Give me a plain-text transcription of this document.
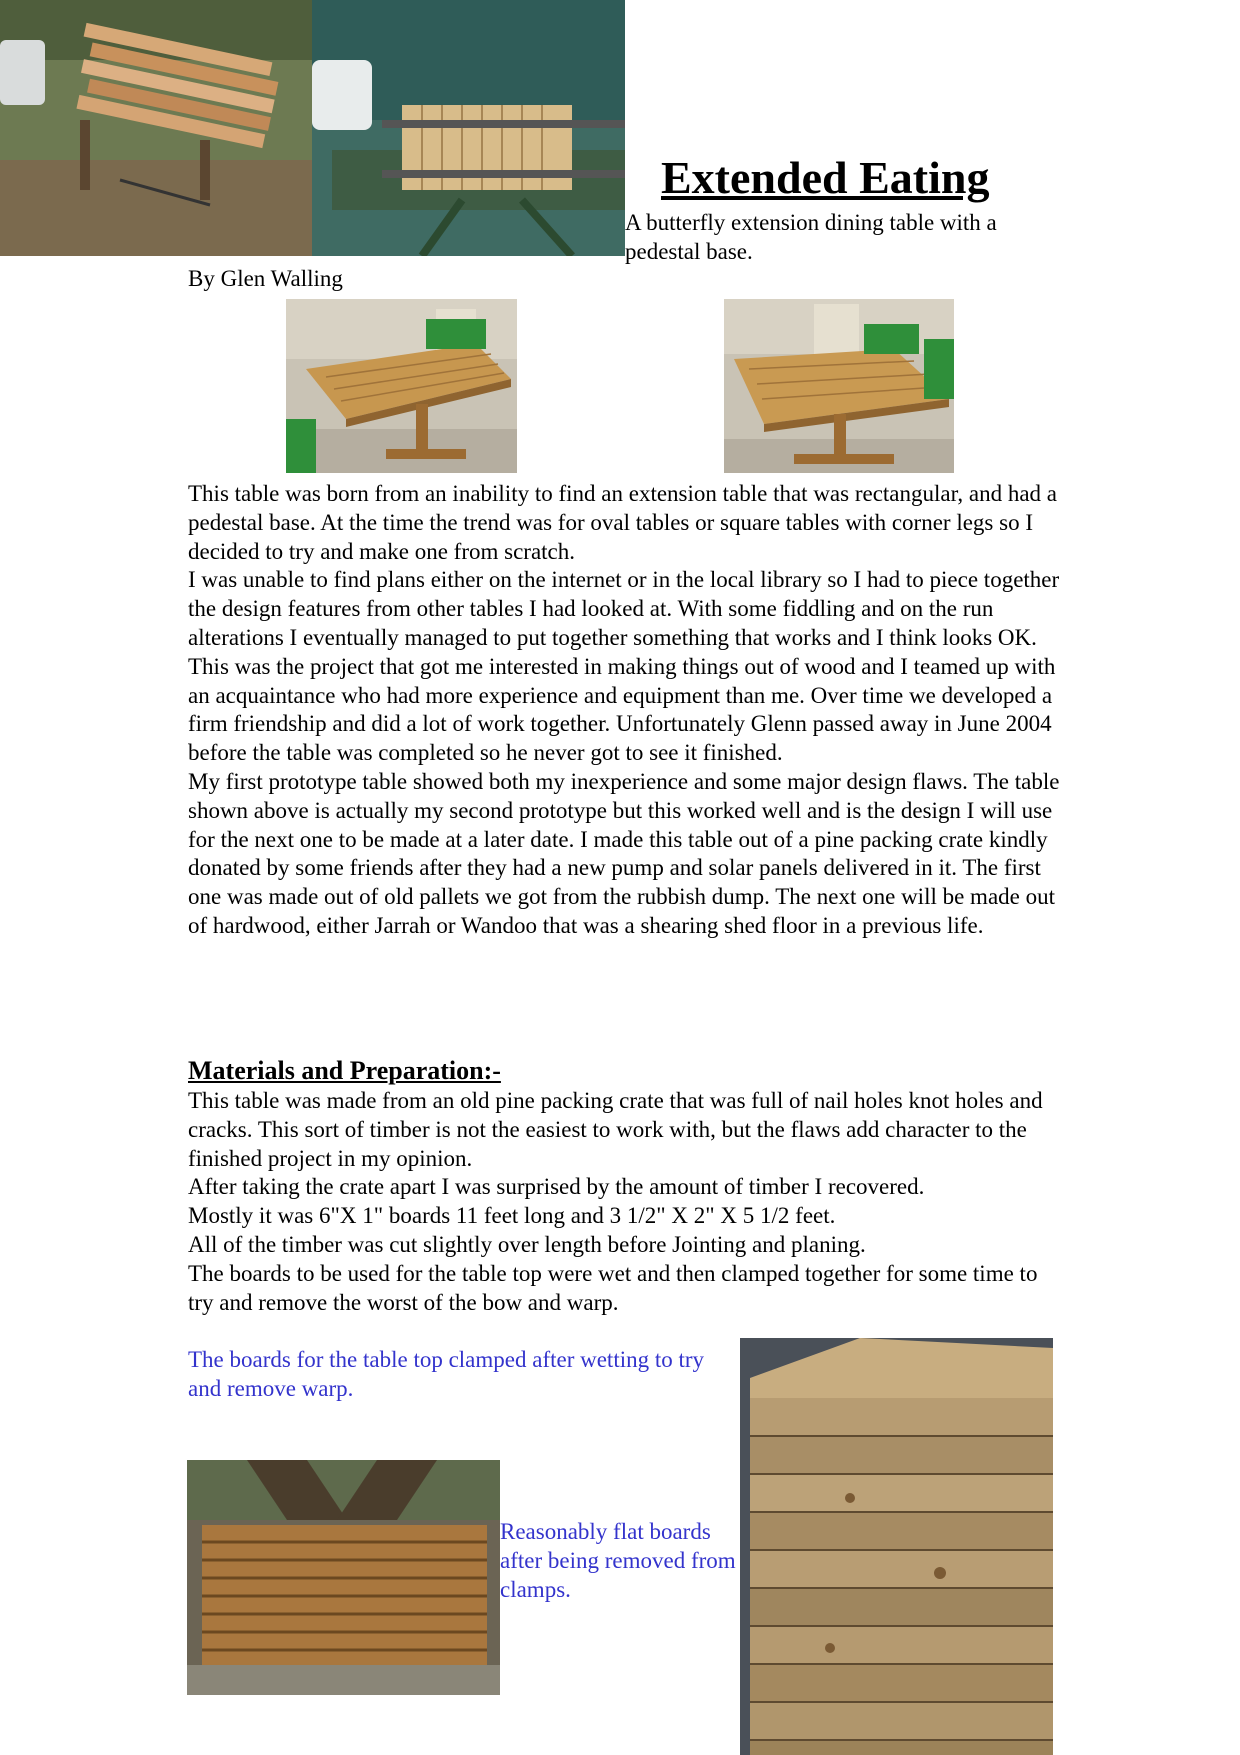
Extended Eating
A butterfly extension dining table with a pedestal base.
By Glen Walling

This table was born from an inability to find an extension table that was rectangular, and had a pedestal base. At the time the trend was for oval tables or square tables with corner legs so I decided to try and make one from scratch.

I was unable to find plans either on the internet or in the local library so I had to piece together the design features from other tables I had looked at. With some fiddling and on the run alterations I eventually managed to put together something that works and I think looks OK.

This was the project that got me interested in making things out of wood and I teamed up with an acquaintance who had more experience and equipment than me. Over time we developed a firm friendship and did a lot of work together. Unfortunately Glenn passed away in June 2004 before the table was completed so he never got to see it finished.

My first prototype table showed both my inexperience and some major design flaws. The table shown above is actually my second prototype but this worked well and is the design I will use for the next one to be made at a later date. I made this table out of a pine packing crate kindly donated by some friends after they had a new pump and solar panels delivered in it. The first one was made out of old pallets we got from the rubbish dump. The next one will be made out of hardwood, either Jarrah or Wandoo that was a shearing shed floor in a previous life.

Materials and Preparation:-

This table was made from an old pine packing crate that was full of nail holes knot holes and cracks. This sort of timber is not the easiest to work with, but the flaws add character to the finished project in my opinion.

After taking the crate apart I was surprised by the amount of timber I recovered.

Mostly it was 6"X 1" boards 11 feet long and 3 1/2" X 2" X 5 1/2 feet.

All of the timber was cut slightly over length before Jointing and planing.

The boards to be used for the table top were wet and then clamped together for some time to try and remove the worst of the bow and warp.

The boards for the table top clamped after wetting to try and remove warp.
Reasonably flat boards after being removed from clamps.
